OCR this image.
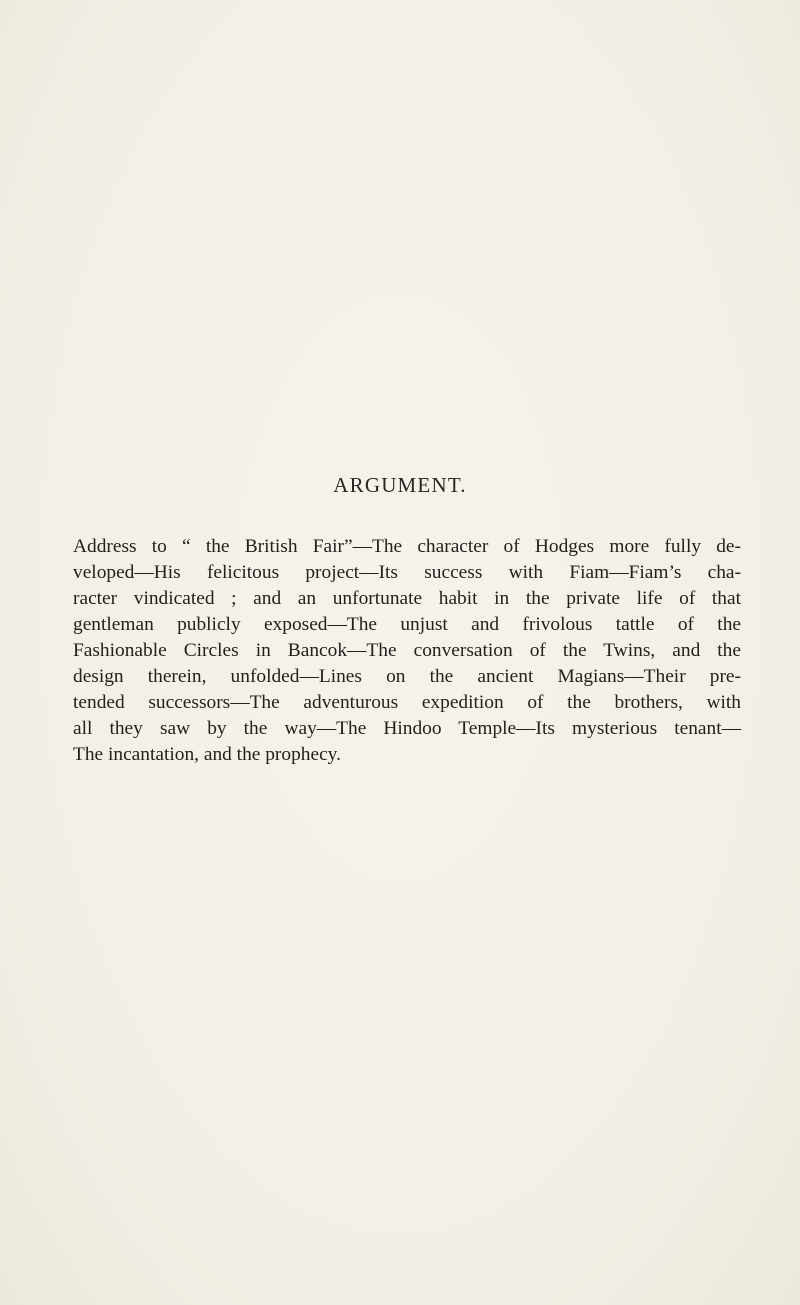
ARGUMENT.
Address to “ the British Fair”—The character of Hodges more fully de-
veloped—His felicitous project—Its success with Fiam—Fiam’s cha-
racter vindicated ; and an unfortunate habit in the private life of that
gentleman publicly exposed—The unjust and frivolous tattle of the
Fashionable Circles in Bancok—The conversation of the Twins, and the
design therein, unfolded—Lines on the ancient Magians—Their pre-
tended successors—The adventurous expedition of the brothers, with
all they saw by the way—The Hindoo Temple—Its mysterious tenant—
The incantation, and the prophecy.
